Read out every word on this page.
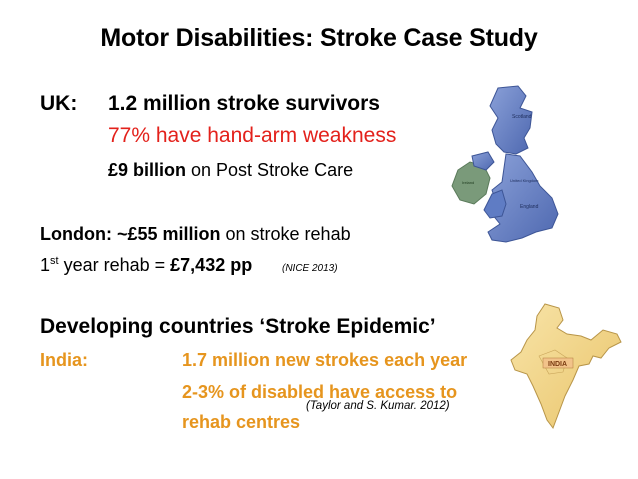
Motor Disabilities: Stroke Case Study
UK: 1.2 million stroke survivors
77% have hand-arm weakness
£9 billion on Post Stroke Care
London: ~£55 million on stroke rehab
1st year rehab = £7,432 pp	(NICE 2013)
Developing countries ‘Stroke Epidemic’
India:	1.7 million new strokes each year
2-3% of disabled have access to
(Taylor and S. Kumar. 2012)
rehab centres
Scotland
England
United Kingdom
Ireland
INDIA
